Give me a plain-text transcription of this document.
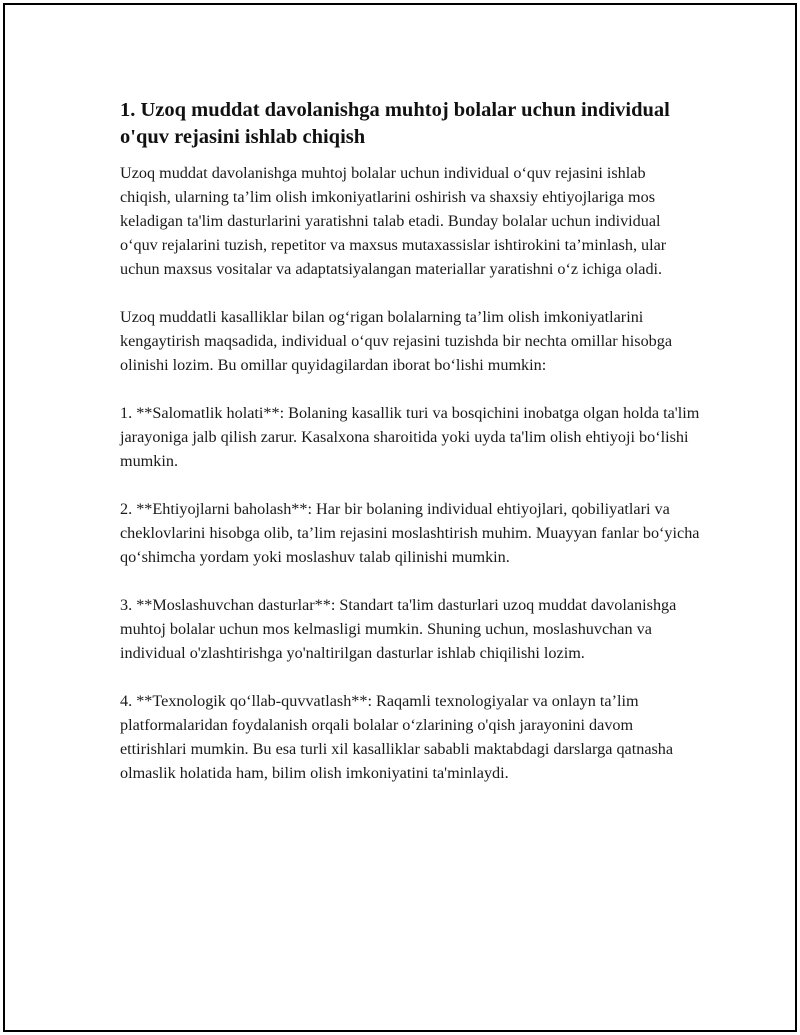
1. Uzoq muddat davolanishga muhtoj bolalar uchun individual o'quv rejasini ishlab chiqish

Uzoq muddat davolanishga muhtoj bolalar uchun individual o‘quv rejasini ishlab chiqish, ularning ta’lim olish imkoniyatlarini oshirish va shaxsiy ehtiyojlariga mos keladigan ta'lim dasturlarini yaratishni talab etadi. Bunday bolalar uchun individual o‘quv rejalarini tuzish, repetitor va maxsus mutaxassislar ishtirokini ta’minlash, ular uchun maxsus vositalar va adaptatsiyalangan materiallar yaratishni o‘z ichiga oladi.

Uzoq muddatli kasalliklar bilan og‘rigan bolalarning ta’lim olish imkoniyatlarini kengaytirish maqsadida, individual o‘quv rejasini tuzishda bir nechta omillar hisobga olinishi lozim. Bu omillar quyidagilardan iborat bo‘lishi mumkin:

1. **Salomatlik holati**: Bolaning kasallik turi va bosqichini inobatga olgan holda ta'lim jarayoniga jalb qilish zarur. Kasalxona sharoitida yoki uyda ta'lim olish ehtiyoji bo‘lishi mumkin.

2. **Ehtiyojlarni baholash**: Har bir bolaning individual ehtiyojlari, qobiliyatlari va cheklovlarini hisobga olib, ta’lim rejasini moslashtirish muhim. Muayyan fanlar bo‘yicha qo‘shimcha yordam yoki moslashuv talab qilinishi mumkin.

3. **Moslashuvchan dasturlar**: Standart ta'lim dasturlari uzoq muddat davolanishga muhtoj bolalar uchun mos kelmasligi mumkin. Shuning uchun, moslashuvchan va individual o'zlashtirishga yo'naltirilgan dasturlar ishlab chiqilishi lozim.

4. **Texnologik qo‘llab-quvvatlash**: Raqamli texnologiyalar va onlayn ta’lim platformalaridan foydalanish orqali bolalar o‘zlarining o'qish jarayonini davom ettirishlari mumkin. Bu esa turli xil kasalliklar sababli maktabdagi darslarga qatnasha olmaslik holatida ham, bilim olish imkoniyatini ta'minlaydi.
